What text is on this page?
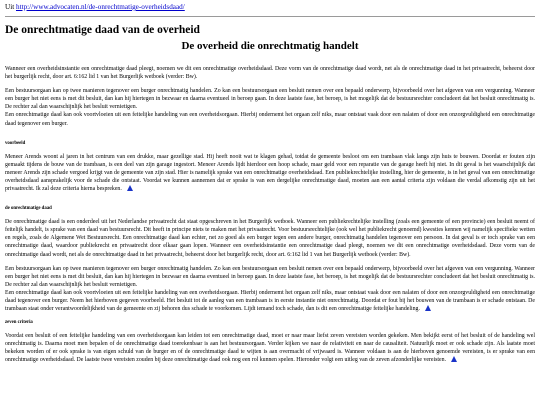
Uit http://www.advocaten.nl/de-onrechtmatige-overheidsdaad/
De onrechtmatige daad van de overheid
De overheid die onrechtmatig handelt

Wanneer een overheidsinstantie een onrechtmatige daad pleegt, noemen we dit een onrechtmatige overheidsdaad. Deze vorm van de onrechtmatige daad wordt, net als de onrechtmatige daad in het privaatrecht, beheerst door het burgerlijk recht, door art. 6:162 lid 1 van het Burgerlijk wetboek (verder: Bw).

Een bestuursorgaan kan op twee manieren tegenover een burger onrechtmatig handelen. Zo kan een bestuursorgaan een besluit nemen over een bepaald onderwerp, bijvoorbeeld over het afgeven van een vergunning. Wanneer een burger het niet eens is met dit besluit, dan kan hij hiertegen in bezwaar en daarna eventueel in beroep gaan. In deze laatste fase, het beroep, is het mogelijk dat de bestuursrechter concludeert dat het besluit onrechtmatig is. De rechter zal dan waarschijnlijk het besluit vernietigen.

Een onrechtmatige daad kan ook voortvloeien uit een feitelijke handeling van een overheidsorgaan. Hierbij ondernemt het orgaan zelf niks, maar ontstaat vaak door een nalaten of door een onzorgvuldigheid een onrechtmatige daad tegenover een burger.

voorbeeld

Meneer Arends woont al jaren in het centrum van een drukke, maar gezellige stad. Hij heeft nooit wat te klagen gehad, totdat de gemeente besloot om een trambaan vlak langs zijn huis te bouwen. Doordat er fouten zijn gemaakt tijdens de bouw van de trambaan, is een deel van zijn garage ingestort. Meneer Arends lijdt hierdoor een hoop schade, maar geld voor een reparatie van de garage heeft hij niet. In dit geval is het waarschijnlijk dat meneer Arends zijn schade vergoed krijgt van de gemeente van zijn stad. Hier is namelijk sprake van een onrechtmatige overheidsdaad. Een publiekrechtelijke instelling, hier de gemeente, is in het geval van een onrechtmatige overheidsdaad aansprakelijk voor de schade die ontstaat. Voordat we kunnen aannemen dat er sprake is van een dergelijke onrechtmatige daad, moeten aan een aantal criteria zijn voldaan die verdal afkomstig zijn uit het privaatrecht. Ik zal deze criteria hierna bespreken.

de onrechtmatige daad

De onrechtmatige daad is een onderdeel uit het Nederlandse privaatrecht dat staat opgeschreven in het Burgerlijk wetboek. Wanneer een publiekrechtelijke instelling (zoals een gemeente of een provincie) een besluit neemt of feitelijk handelt, is sprake van een daad van bestuursrecht. Dit heeft in principe niets te maken met het privaatrecht. Voor bestuursrechtelijke (ook wel het publiekrecht genoemd) kwesties kennen wij namelijk specifieke wetten en regels, zoals de Algemene Wet Bestuursrecht. Een onrechtmatige daad kan echter, net zo goed als een burger tegen een andere burger, onrechtmatig handelen tegenover een persoon. In dat geval is er toch sprake van een onrechtmatige daad, waardoor publiekrecht en privaatrecht door elkaar gaan lopen. Wanneer een overheidsinstantie een onrechtmatige daad pleegt, noemen we dit een onrechtmatige overheidsdaad. Deze vorm van de onrechtmatige daad wordt, net als de onrechtmatige daad in het privaatrecht, beheerst door het burgerlijk recht, door art. 6:162 lid 1 van het Burgerlijk wetboek (verder: Bw).

Een bestuursorgaan kan op twee manieren tegenover een burger onrechtmatig handelen. Zo kan een bestuursorgaan een besluit nemen over een bepaald onderwerp, bijvoorbeeld over het afgeven van een vergunning. Wanneer een burger het niet eens is met dit besluit, dan kan hij hiertegen in bezwaar en daarna eventueel in beroep gaan. In deze laatste fase, het beroep, is het mogelijk dat de bestuursrechter concludeert dat het besluit onrechtmatig is. De rechter zal dan waarschijnlijk het besluit vernietigen.

Een onrechtmatige daad kan ook voortvloeien uit een feitelijke handeling van een overheidsorgaan. Hierbij ondernemt het orgaan zelf niks, maar ontstaat vaak door een nalaten of door een onzorgvuldigheid een onrechtmatige daad tegenover een burger. Neem het hierboven gegeven voorbeeld. Het besluit tot de aanleg van een trambaan is in eerste instantie niet onrechtmatig. Doordat er fout bij het bouwen van de trambaan is er schade ontstaan. De trambaan staat onder verantwoordelijkheid van de gemeente en zij behoren dus schade te voorkomen. Lijdt iemand toch schade, dan is dit een onrechtmatige feitelijke handeling.

zeven criteria

Voordat een besluit of een feitelijke handeling van een overheidsorgaan kan leiden tot een onrechtmatige daad, moet er naar maar liefst zeven vereisten worden gekeken. Men bekijkt eerst of het besluit of de handeling wel onrechtmatig is. Daarna moet men bepalen of de onrechtmatige daad toerekenbaar is aan het bestuursorgaan. Verder kijken we naar de relativiteit en naar de causaliteit. Natuurlijk moet er ook schade zijn. Als laatste moet bekeken worden of er ook sprake is van eigen schuld van de burger en of de onrechtmatige daad te wijten is aan overmacht of vrijwaard is. Wanneer voldaan is aan de hierboven genoemde vereisten, is er sprake van een onrechtmatige overheidsdaad. De laatste twee vereisten zouden bij deze onrechtmatige daad ook nog een rol kunnen spelen. Hieronder volgt een uitleg van de zeven afzonderlijke vereisten.
